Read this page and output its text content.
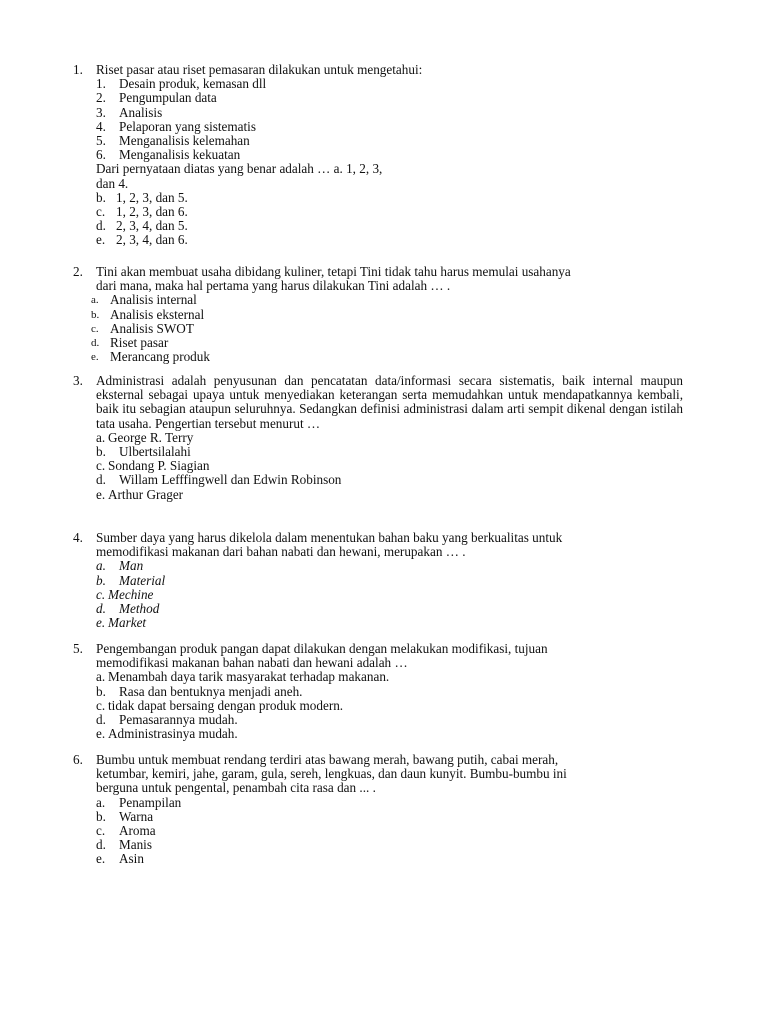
1. Riset pasar atau riset pemasaran dilakukan untuk mengetahui:
1. Desain produk, kemasan dll
2. Pengumpulan data
3. Analisis
4. Pelaporan yang sistematis
5. Menganalisis kelemahan
6. Menganalisis kekuatan
Dari pernyataan diatas yang benar adalah … a. 1, 2, 3,
dan 4.
b. 1, 2, 3, dan 5.
c. 1, 2, 3, dan 6.
d. 2, 3, 4, dan 5.
e. 2, 3, 4, dan 6.
2. Tini akan membuat usaha dibidang kuliner, tetapi Tini tidak tahu harus memulai usahanya
dari mana, maka hal pertama yang harus dilakukan Tini adalah … .
a. Analisis internal
b. Analisis eksternal
c. Analisis SWOT
d. Riset pasar
e. Merancang produk
3. Administrasi adalah penyusunan dan pencatatan data/informasi secara sistematis, baik internal maupun eksternal sebagai upaya untuk menyediakan keterangan serta memudahkan untuk mendapatkannya kembali, baik itu sebagian ataupun seluruhnya. Sedangkan definisi administrasi dalam arti sempit dikenal dengan istilah tata usaha. Pengertian tersebut menurut …
a. George R. Terry
b. Ulbertsilalahi
c. Sondang P. Siagian
d. Willam Lefffingwell dan Edwin Robinson
e. Arthur Grager
4. Sumber daya yang harus dikelola dalam menentukan bahan baku yang berkualitas untuk
memodifikasi makanan dari bahan nabati dan hewani, merupakan … .
a. Man
b. Material
c. Mechine
d. Method
e. Market
5. Pengembangan produk pangan dapat dilakukan dengan melakukan modifikasi, tujuan
memodifikasi makanan bahan nabati dan hewani adalah …
a. Menambah daya tarik masyarakat terhadap makanan.
b. Rasa dan bentuknya menjadi aneh.
c. tidak dapat bersaing dengan produk modern.
d. Pemasarannya mudah.
e. Administrasinya mudah.
6. Bumbu untuk membuat rendang terdiri atas bawang merah, bawang putih, cabai merah,
ketumbar, kemiri, jahe, garam, gula, sereh, lengkuas, dan daun kunyit. Bumbu-bumbu ini
berguna untuk pengental, penambah cita rasa dan ... .
a. Penampilan
b. Warna
c. Aroma
d. Manis
e. Asin
